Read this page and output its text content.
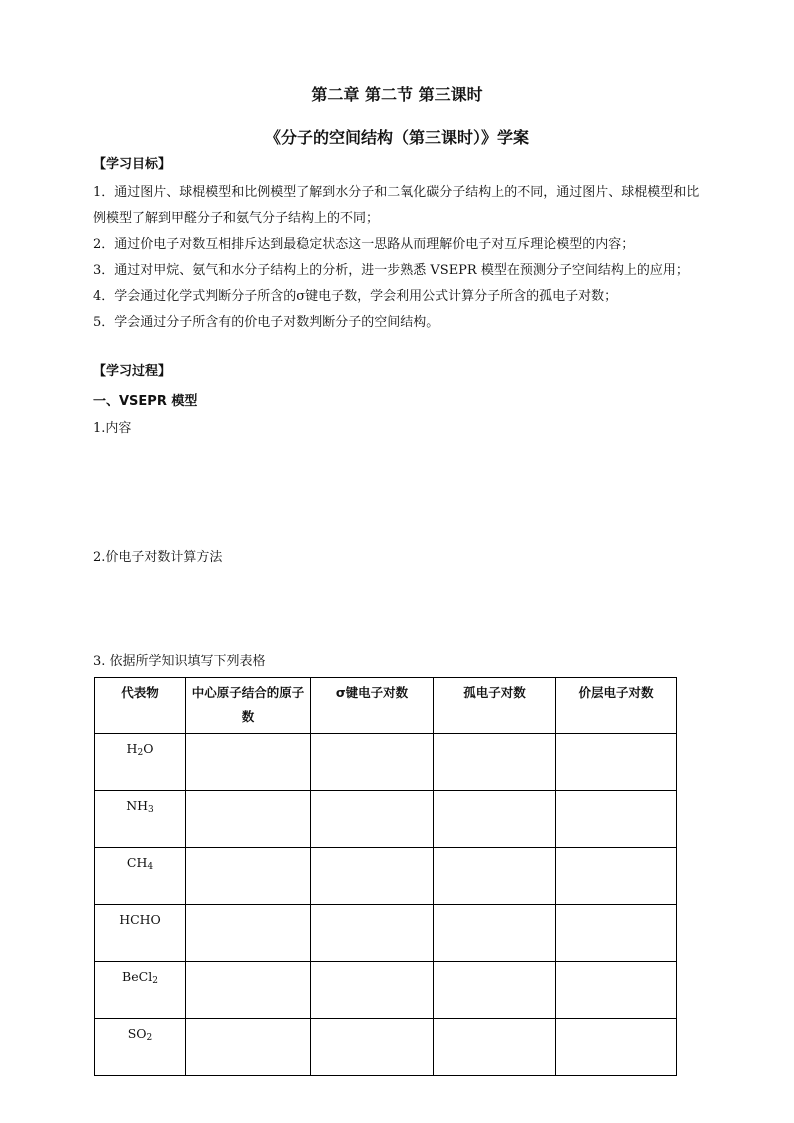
第二章 第二节 第三课时
《分子的空间结构（第三课时）》学案
【学习目标】
1．通过图片、球棍模型和比例模型了解到水分子和二氧化碳分子结构上的不同，通过图片、球棍模型和比例模型了解到甲醛分子和氨气分子结构上的不同；
2．通过价电子对数互相排斥达到最稳定状态这一思路从而理解价电子对互斥理论模型的内容；
3．通过对甲烷、氨气和水分子结构上的分析，进一步熟悉 VSEPR 模型在预测分子空间结构上的应用；
4．学会通过化学式判断分子所含的σ键电子数，学会利用公式计算分子所含的孤电子对数；
5．学会通过分子所含有的价电子对数判断分子的空间结构。
【学习过程】
一、VSEPR 模型
1.内容
2.价电子对数计算方法
3. 依据所学知识填写下列表格
代表物	中心原子结合的原子数	σ键电子对数	孤电子对数	价层电子对数
$H_2O$				
$NH_3$				
$CH_4$				
HCHO				
BeCl$_2$				
$SO_2$				
